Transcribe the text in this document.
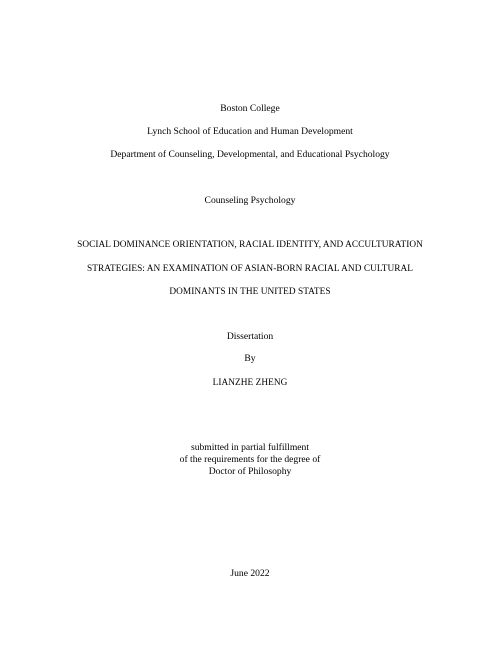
Boston College
Lynch School of Education and Human Development
Department of Counseling, Developmental, and Educational Psychology
Counseling Psychology
SOCIAL DOMINANCE ORIENTATION, RACIAL IDENTITY, AND ACCULTURATION
STRATEGIES: AN EXAMINATION OF ASIAN-BORN RACIAL AND CULTURAL
DOMINANTS IN THE UNITED STATES
Dissertation
By
LIANZHE ZHENG
submitted in partial fulfillment
of the requirements for the degree of
Doctor of Philosophy
June 2022
